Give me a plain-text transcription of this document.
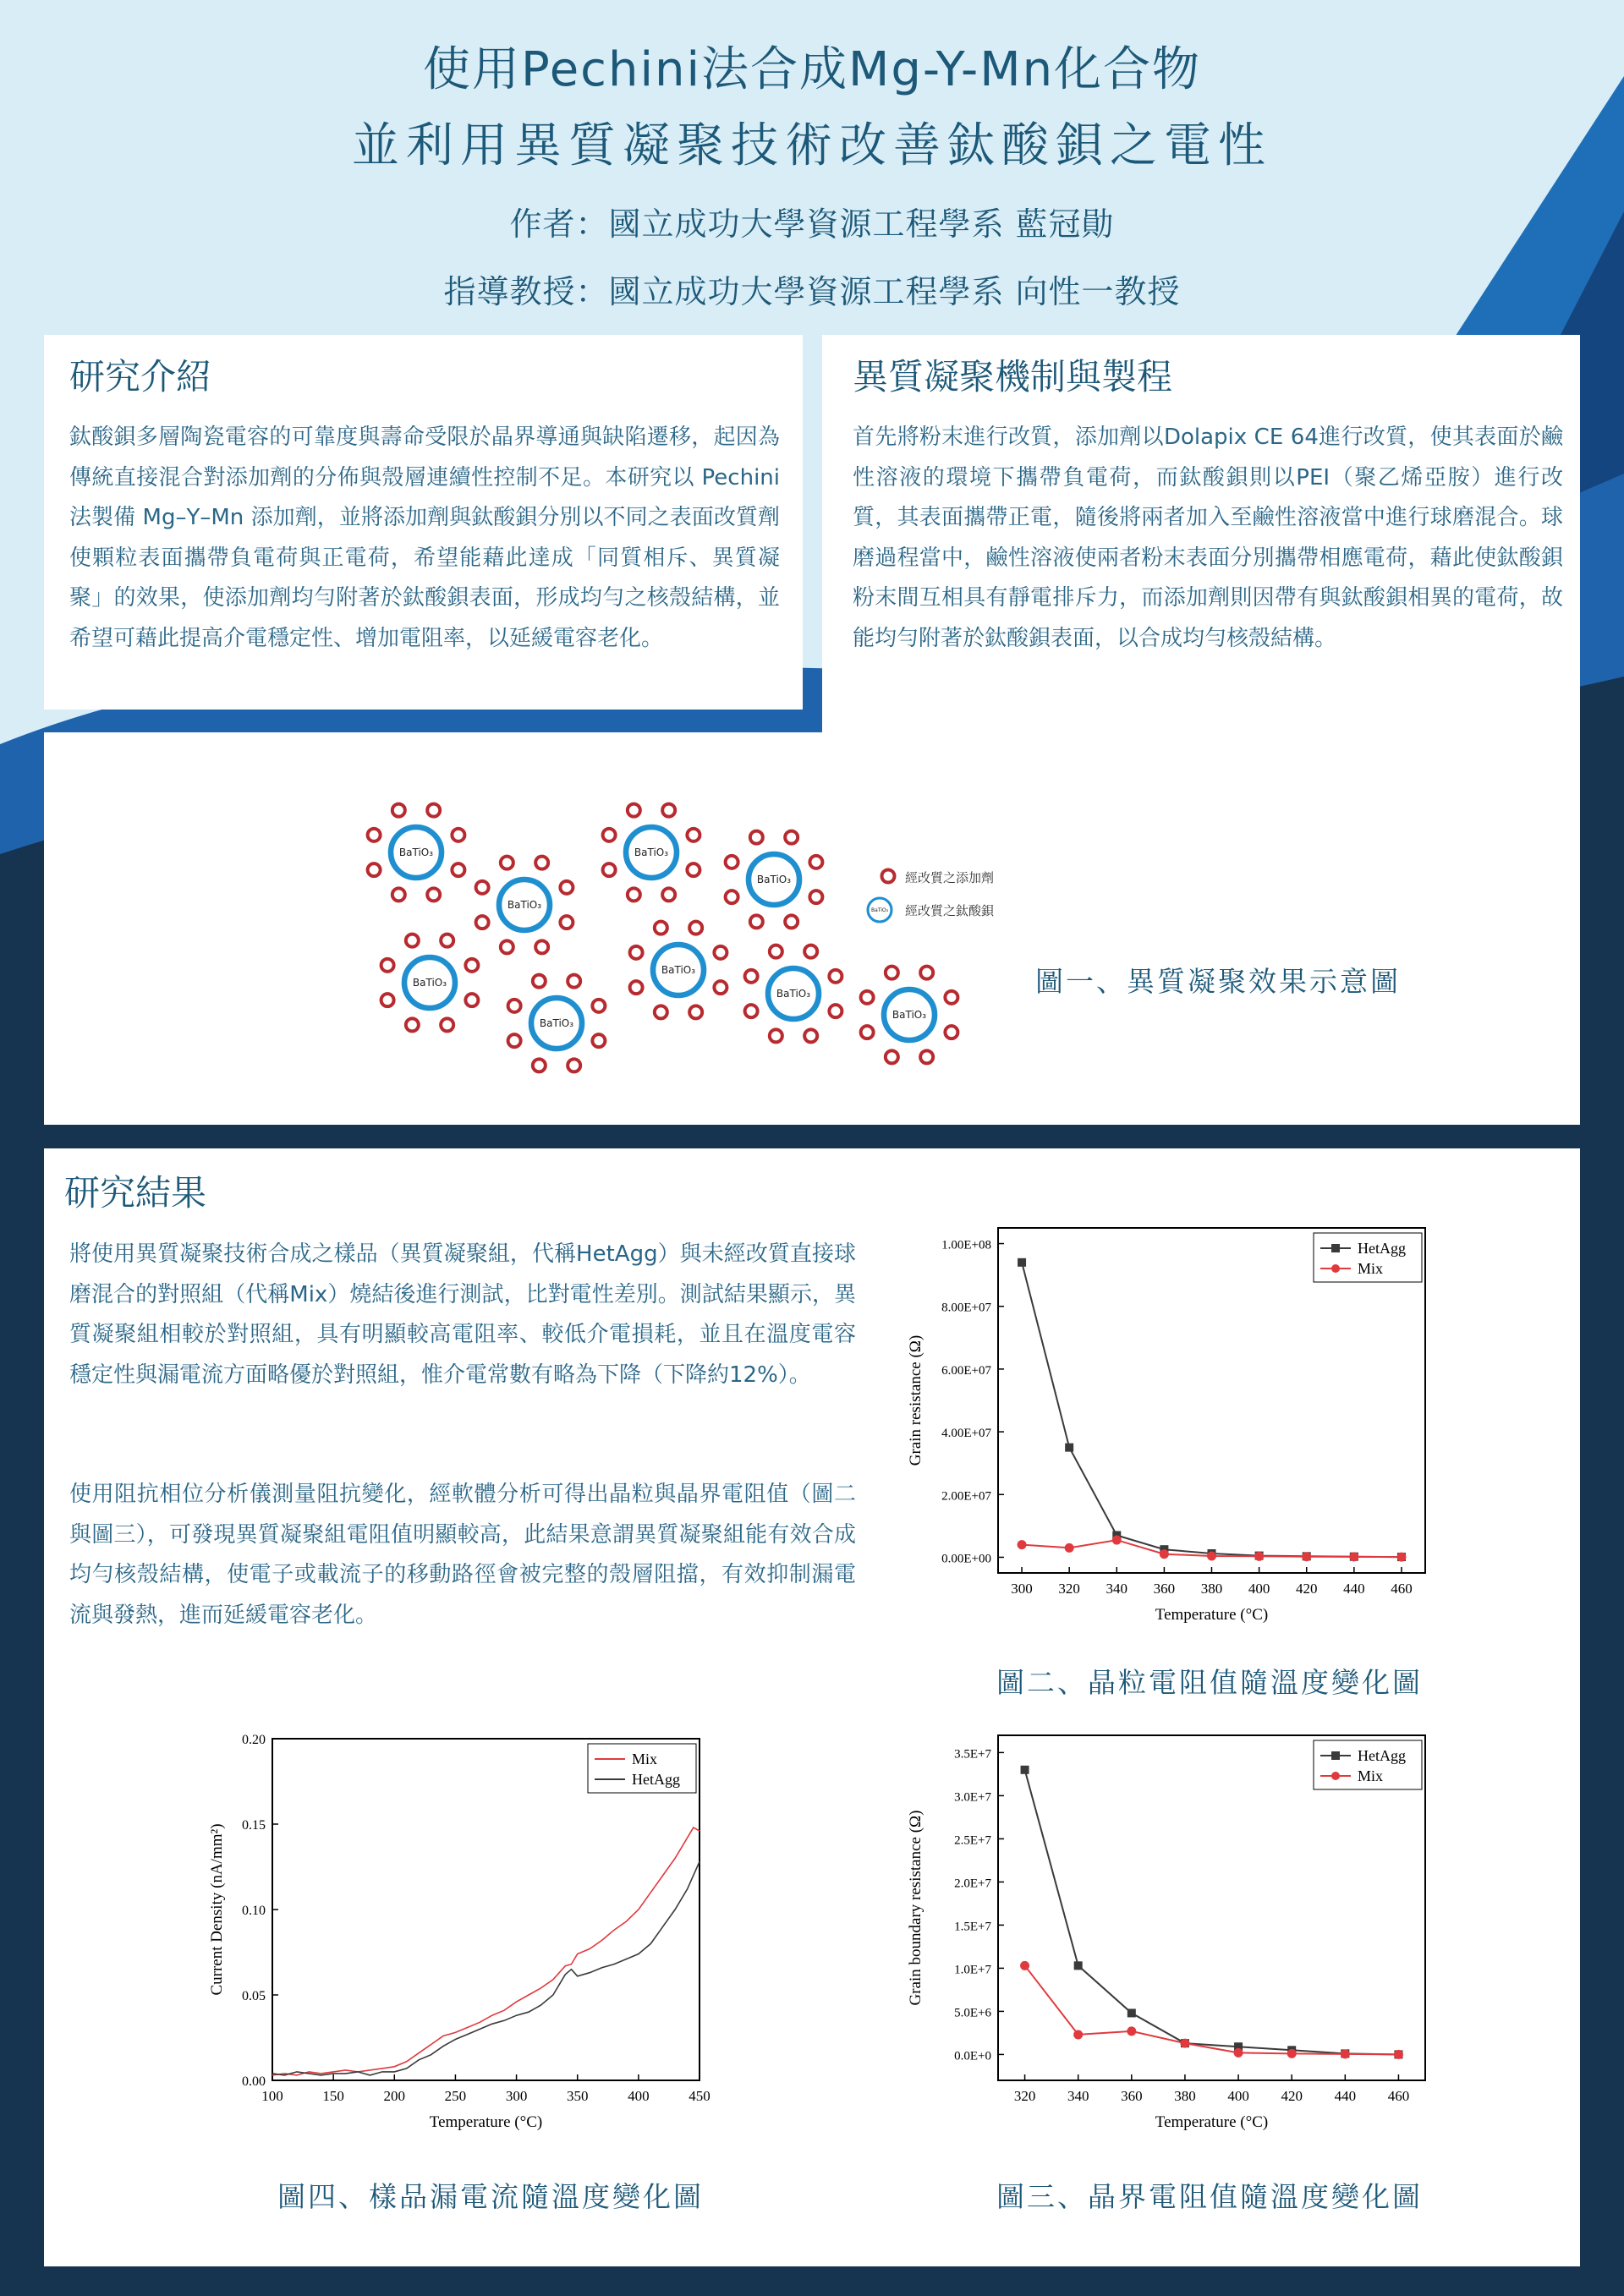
使用Pechini法合成Mg-Y-Mn化合物
並利用異質凝聚技術改善鈦酸鋇之電性
作者：國立成功大學資源工程學系 藍冠勛
指導教授：國立成功大學資源工程學系 向性一教授
研究介紹
鈦酸鋇多層陶瓷電容的可靠度與壽命受限於晶界導通與缺陷遷移，起因為傳統直接混合對添加劑的分佈與殼層連續性控制不足。本研究以 Pechini 法製備 Mg–Y–Mn 添加劑，並將添加劑與鈦酸鋇分別以不同之表面改質劑使顆粒表面攜帶負電荷與正電荷，希望能藉此達成「同質相斥、異質凝聚」的效果，使添加劑均勻附著於鈦酸鋇表面，形成均勻之核殼結構，並希望可藉此提高介電穩定性、增加電阻率，以延緩電容老化。
異質凝聚機制與製程
首先將粉末進行改質，添加劑以Dolapix CE 64進行改質，使其表面於鹼性溶液的環境下攜帶負電荷，而鈦酸鋇則以PEI（聚乙烯亞胺）進行改質，其表面攜帶正電，隨後將兩者加入至鹼性溶液當中進行球磨混合。球磨過程當中，鹼性溶液使兩者粉末表面分別攜帶相應電荷，藉此使鈦酸鋇粉末間互相具有靜電排斥力，而添加劑則因帶有與鈦酸鋇相異的電荷，故能均勻附著於鈦酸鋇表面，以合成均勻核殼結構。
BaTiO₃
BaTiO₃
BaTiO₃
BaTiO₃
BaTiO₃
BaTiO₃
BaTiO₃
BaTiO₃
BaTiO₃
經改質之添加劑
BaTiO₃ 經改質之鈦酸鋇
圖一、異質凝聚效果示意圖
研究結果
將使用異質凝聚技術合成之樣品（異質凝聚組，代稱HetAgg）與未經改質直接球磨混合的對照組（代稱Mix）燒結後進行測試，比對電性差別。測試結果顯示，異質凝聚組相較於對照組，具有明顯較高電阻率、較低介電損耗，並且在溫度電容穩定性與漏電流方面略優於對照組，惟介電常數有略為下降（下降約12%）。
使用阻抗相位分析儀測量阻抗變化，經軟體分析可得出晶粒與晶界電阻值（圖二與圖三），可發現異質凝聚組電阻值明顯較高，此結果意謂異質凝聚組能有效合成均勻核殼結構，使電子或載流子的移動路徑會被完整的殼層阻擋，有效抑制漏電流與發熱，進而延緩電容老化。
300 320 340 360 380 400 420 440 460
0.00E+00
2.00E+07
4.00E+07
6.00E+07
8.00E+07
1.00E+08
Temperature (°C)
Grain resistance (Ω)
HetAgg
Mix
圖二、晶粒電阻值隨溫度變化圖
320 340 360 380 400 420 440 460
0.0E+0
5.0E+6
1.0E+7
1.5E+7
2.0E+7
2.5E+7
3.0E+7
3.5E+7
Temperature (°C)
Grain boundary resistance (Ω)
HetAgg
Mix
圖三、晶界電阻值隨溫度變化圖
100	150	200	250	300	350	400	450
0.00
0.05
0.10
0.15
0.20
Temperature (°C)
Current Density (nA/mm²)
Mix
HetAgg
圖四、樣品漏電流隨溫度變化圖
